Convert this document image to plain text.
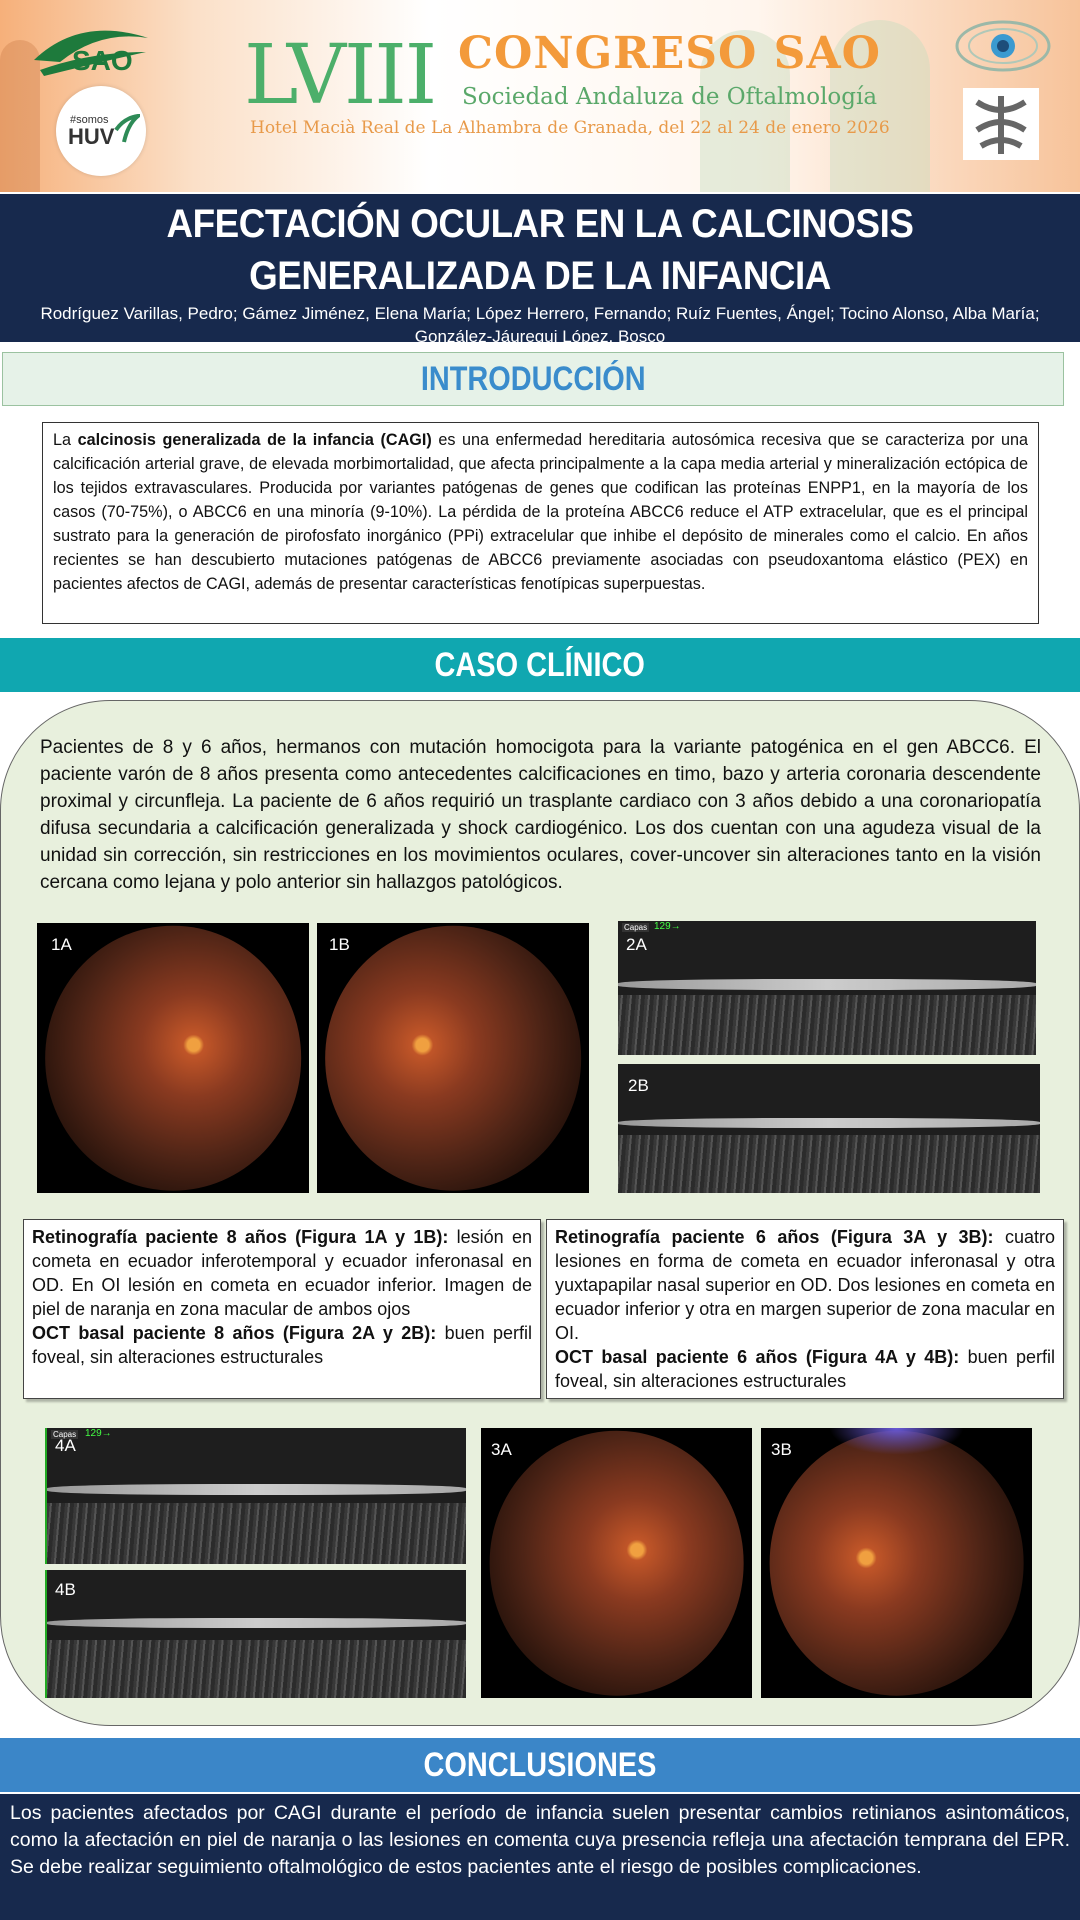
SAO
#somos
HUV
LVIII CONGRESO SAO
Sociedad Andaluza de Oftalmología
Hotel Macià Real de La Alhambra de Granada, del 22 al 24 de enero 2026
AFECTACIÓN OCULAR EN LA CALCINOSIS GENERALIZADA DE LA INFANCIA
Rodríguez Varillas, Pedro; Gámez Jiménez, Elena María; López Herrero, Fernando; Ruíz Fuentes, Ángel; Tocino Alonso, Alba María; González-Jáuregui López, Bosco
INTRODUCCIÓN
La calcinosis generalizada de la infancia (CAGI) es una enfermedad hereditaria autosómica recesiva que se caracteriza por una calcificación arterial grave, de elevada morbimortalidad, que afecta principalmente a la capa media arterial y mineralización ectópica de los tejidos extravasculares. Producida por variantes patógenas de genes que codifican las proteínas ENPP1, en la mayoría de los casos (70-75%), o ABCC6 en una minoría (9-10%). La pérdida de la proteína ABCC6 reduce el ATP extracelular, que es el principal sustrato para la generación de pirofosfato inorgánico (PPi) extracelular que inhibe el depósito de minerales como el calcio. En años recientes se han descubierto mutaciones patógenas de ABCC6 previamente asociadas con pseudoxantoma elástico (PEX) en pacientes afectos de CAGI, además de presentar características fenotípicas superpuestas.
CASO CLÍNICO
Pacientes de 8 y 6 años, hermanos con mutación homocigota para la variante patogénica en el gen ABCC6. El paciente varón de 8 años presenta como antecedentes calcificaciones en timo, bazo y arteria coronaria descendente proximal y circunfleja. La paciente de 6 años requirió un trasplante cardiaco con 3 años debido a una coronariopatía difusa secundaria a calcificación generalizada y shock cardiogénico. Los dos cuentan con una agudeza visual de la unidad sin corrección, sin restricciones en los movimientos oculares, cover-uncover sin alteraciones tanto en la visión cercana como lejana y polo anterior sin hallazgos patológicos.
1A	1B
Capas 129→
2A
2B
Retinografía paciente 8 años (Figura 1A y 1B): lesión en cometa en ecuador inferotemporal y ecuador inferonasal en OD. En OI lesión en cometa en ecuador inferior. Imagen de piel de naranja en zona macular de ambos ojos
OCT basal paciente 8 años (Figura 2A y 2B): buen perfil foveal, sin alteraciones estructurales
Retinografía paciente 6 años (Figura 3A y 3B): cuatro lesiones en forma de cometa en ecuador inferonasal y otra yuxtapapilar nasal superior en OD. Dos lesiones en cometa en ecuador inferior y otra en margen superior de zona macular en OI.
OCT basal paciente 6 años (Figura 4A y 4B): buen perfil foveal, sin alteraciones estructurales
Capas 129→
4A
4B
3A	3B
CONCLUSIONES
Los pacientes afectados por CAGI durante el período de infancia suelen presentar cambios retinianos asintomáticos, como la afectación en piel de naranja o las lesiones en comenta cuya presencia refleja una afectación temprana del EPR. Se debe realizar seguimiento oftalmológico de estos pacientes ante el riesgo de posibles complicaciones.
